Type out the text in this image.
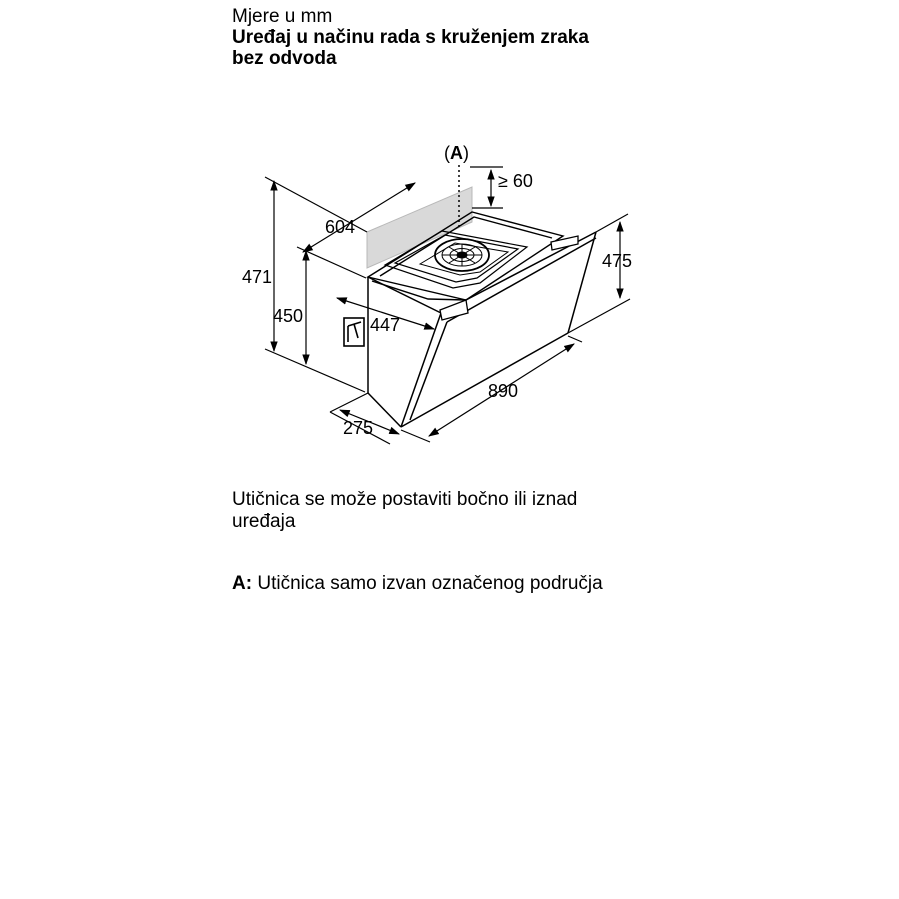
Mjere u mm
Uređaj u načinu rada s kruženjem zraka
bez odvoda
(A)
≥ 60
604
471
450	447
475
890
275
Utičnica se može postaviti bočno ili iznad
uređaja
A: Utičnica samo izvan označenog područja
